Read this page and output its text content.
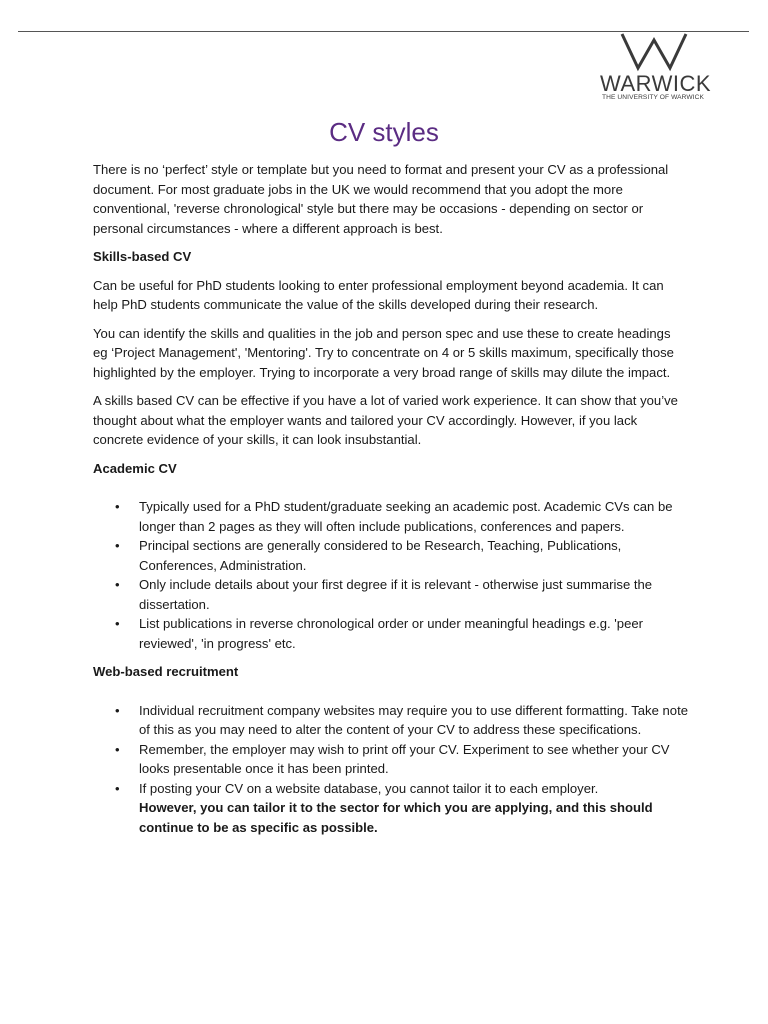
WARWICK
THE UNIVERSITY OF WARWICK
CV styles

There is no ‘perfect’ style or template but you need to format and present your CV as a professional document. For most graduate jobs in the UK we would recommend that you adopt the more conventional, 'reverse chronological' style but there may be occasions - depending on sector or personal circumstances - where a different approach is best.

Skills-based CV

Can be useful for PhD students looking to enter professional employment beyond academia. It can help PhD students communicate the value of the skills developed during their research.

You can identify the skills and qualities in the job and person spec and use these to create headings eg ‘Project Management', 'Mentoring'. Try to concentrate on 4 or 5 skills maximum, specifically those highlighted by the employer. Trying to incorporate a very broad range of skills may dilute the impact.

A skills based CV can be effective if you have a lot of varied work experience. It can show that you’ve thought about what the employer wants and tailored your CV accordingly. However, if you lack concrete evidence of your skills, it can look insubstantial.

Academic CV

• Typically used for a PhD student/graduate seeking an academic post. Academic CVs can be longer than 2 pages as they will often include publications, conferences and papers.
• Principal sections are generally considered to be Research, Teaching, Publications, Conferences, Administration.
• Only include details about your first degree if it is relevant - otherwise just summarise the dissertation.
• List publications in reverse chronological order or under meaningful headings e.g. 'peer reviewed', 'in progress' etc.

Web-based recruitment

• Individual recruitment company websites may require you to use different formatting. Take note of this as you may need to alter the content of your CV to address these specifications.
• Remember, the employer may wish to print off your CV. Experiment to see whether your CV looks presentable once it has been printed.
• If posting your CV on a website database, you cannot tailor it to each employer.
However, you can tailor it to the sector for which you are applying, and this should continue to be as specific as possible.
